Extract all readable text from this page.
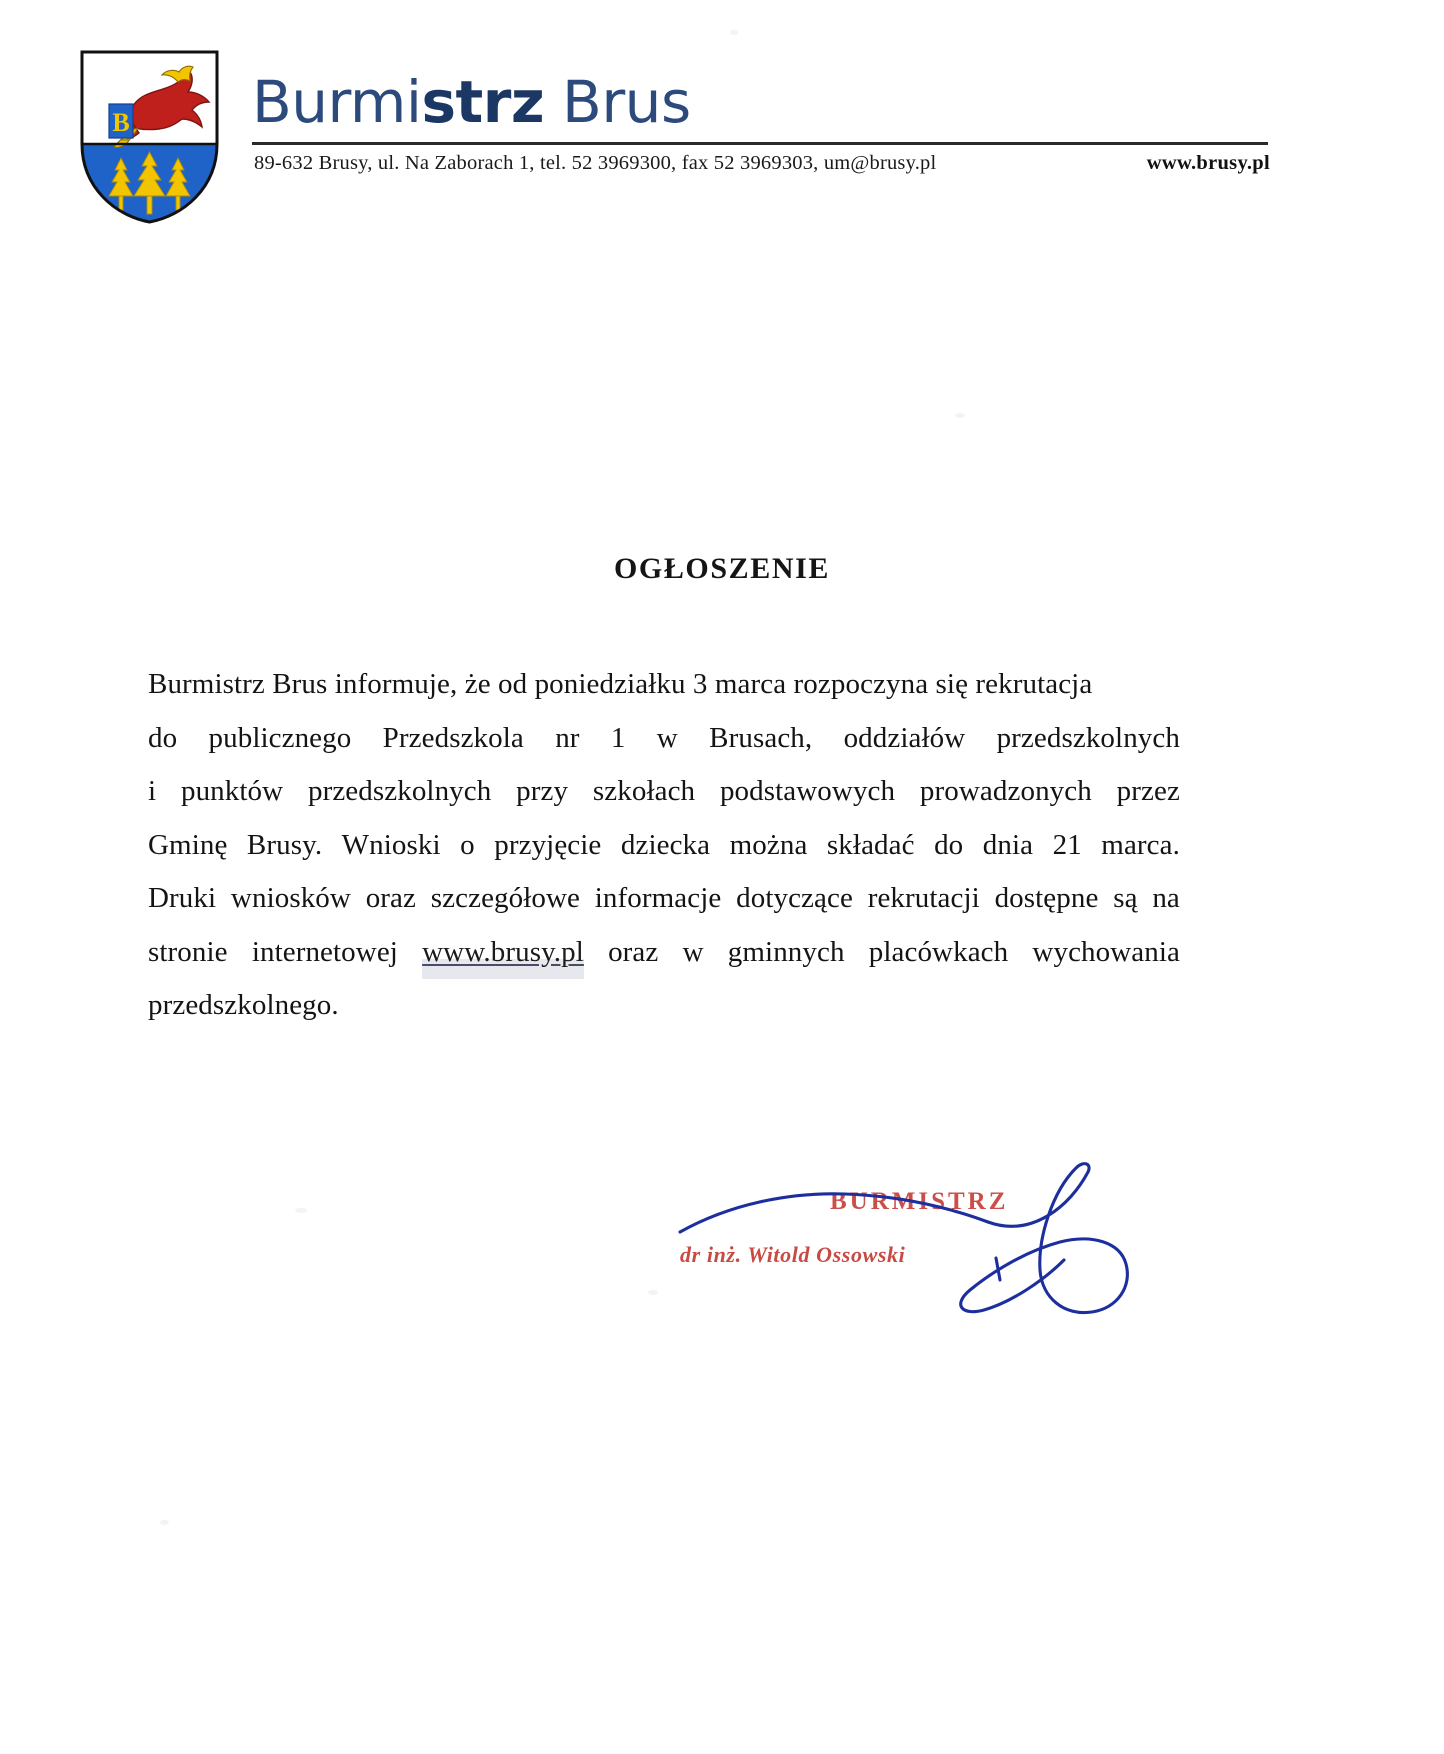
B Burmistrz Brus
89-632 Brusy, ul. Na Zaborach 1, tel. 52 3969300, fax 52 3969303, um@brusy.pl	www.brusy.pl
OGŁOSZENIE
Burmistrz Brus informuje, że od poniedziałku 3 marca rozpoczyna się rekrutacja
do publicznego Przedszkola nr 1 w Brusach, oddziałów przedszkolnych
i punktów przedszkolnych przy szkołach podstawowych prowadzonych przez
Gminę Brusy. Wnioski o przyjęcie dziecka można składać do dnia 21 marca.
Druki wniosków oraz szczegółowe informacje dotyczące rekrutacji dostępne są na
stronie internetowej www.brusy.pl oraz w gminnych placówkach wychowania
przedszkolnego.
BURMISTRZ
dr inż. Witold Ossowski
